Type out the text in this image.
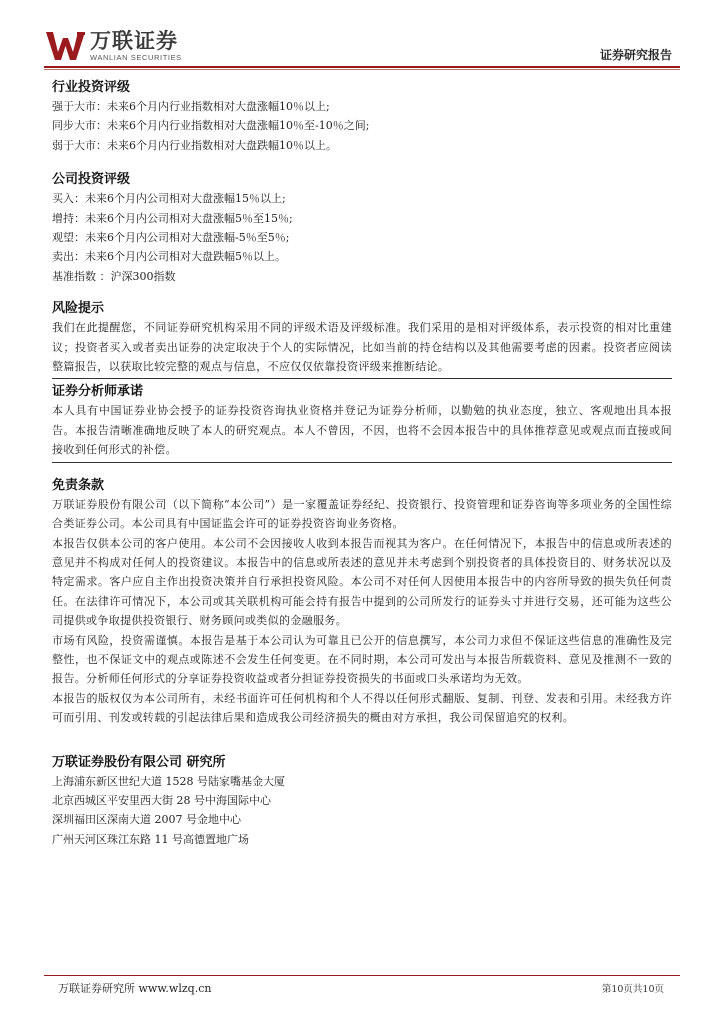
万联证券
WANLIAN SECURITIES	证券研究报告

行业投资评级

强于大市：未来6个月内行业指数相对大盘涨幅10％以上;

同步大市：未来6个月内行业指数相对大盘涨幅10％至-10％之间;

弱于大市：未来6个月内行业指数相对大盘跌幅10％以上。

公司投资评级

买入：未来6个月内公司相对大盘涨幅15％以上;

增持：未来6个月内公司相对大盘涨幅5％至15％;

观望：未来6个月内公司相对大盘涨幅-5％至5％;

卖出：未来6个月内公司相对大盘跌幅5％以上。

基准指数 ：沪深300指数

风险提示

我们在此提醒您，不同证券研究机构采用不同的评级术语及评级标准。我们采用的是相对评级体系，表示投资的相对比重建议；投资者买入或者卖出证券的决定取决于个人的实际情况，比如当前的持仓结构以及其他需要考虑的因素。投资者应阅读整篇报告，以获取比较完整的观点与信息，不应仅仅依靠投资评级来推断结论。

证券分析师承诺

本人具有中国证券业协会授予的证券投资咨询执业资格并登记为证券分析师，以勤勉的执业态度，独立、客观地出具本报告。本报告清晰准确地反映了本人的研究观点。本人不曾因，不因，也将不会因本报告中的具体推荐意见或观点而直接或间接收到任何形式的补偿。

免责条款

万联证券股份有限公司（以下简称“本公司”）是一家覆盖证券经纪、投资银行、投资管理和证券咨询等多项业务的全国性综合类证券公司。本公司具有中国证监会许可的证券投资咨询业务资格。

本报告仅供本公司的客户使用。本公司不会因接收人收到本报告而视其为客户。在任何情况下，本报告中的信息或所表述的意见并不构成对任何人的投资建议。本报告中的信息或所表述的意见并未考虑到个别投资者的具体投资目的、财务状况以及特定需求。客户应自主作出投资决策并自行承担投资风险。本公司不对任何人因使用本报告中的内容所导致的损失负任何责任。在法律许可情况下，本公司或其关联机构可能会持有报告中提到的公司所发行的证券头寸并进行交易，还可能为这些公司提供或争取提供投资银行、财务顾问或类似的金融服务。

市场有风险，投资需谨慎。本报告是基于本公司认为可靠且已公开的信息撰写，本公司力求但不保证这些信息的准确性及完整性，也不保证文中的观点或陈述不会发生任何变更。在不同时期，本公司可发出与本报告所载资料、意见及推测不一致的报告。分析师任何形式的分享证券投资收益或者分担证券投资损失的书面或口头承诺均为无效。

本报告的版权仅为本公司所有，未经书面许可任何机构和个人不得以任何形式翻版、复制、刊登、发表和引用。未经我方许可而引用、刊发或转载的引起法律后果和造成我公司经济损失的概由对方承担，我公司保留追究的权利。

万联证券股份有限公司 研究所

上海浦东新区世纪大道 1528 号陆家嘴基金大厦

北京西城区平安里西大街 28 号中海国际中心

深圳福田区深南大道 2007 号金地中心

广州天河区珠江东路 11 号高德置地广场

万联证券研究所 www.wlzq.cn	第10页共10页
